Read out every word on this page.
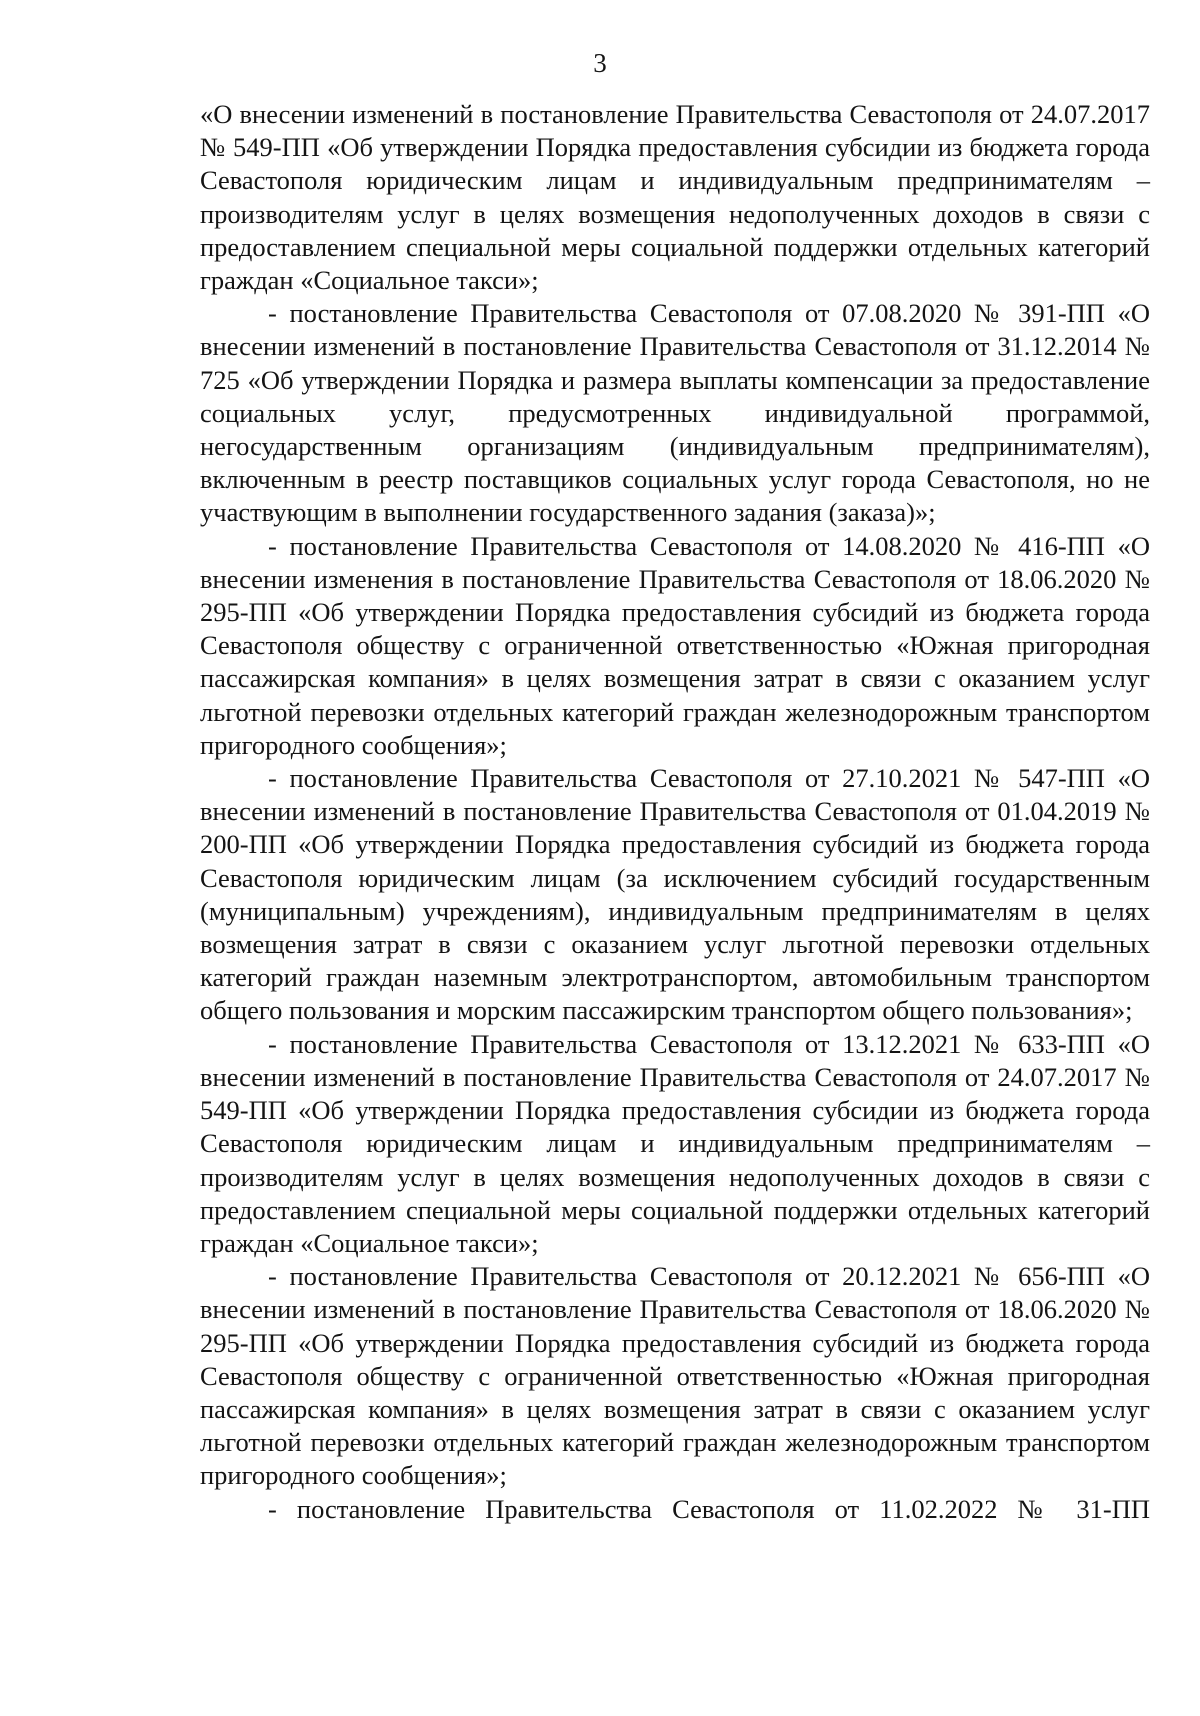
3

«О внесении изменений в постановление Правительства Севастополя от 24.07.2017 № 549-ПП «Об утверждении Порядка предоставления субсидии из бюджета города Севастополя юридическим лицам и индивидуальным предпринимателям – производителям услуг в целях возмещения недополученных доходов в связи с предоставлением специальной меры социальной поддержки отдельных категорий граждан «Социальное такси»;

- постановление Правительства Севастополя от 07.08.2020 № 391-ПП «О внесении изменений в постановление Правительства Севастополя от 31.12.2014 № 725 «Об утверждении Порядка и размера выплаты компенсации за предоставление социальных услуг, предусмотренных индивидуальной программой, негосударственным организациям (индивидуальным предпринимателям), включенным в реестр поставщиков социальных услуг города Севастополя, но не участвующим в выполнении государственного задания (заказа)»;

- постановление Правительства Севастополя от 14.08.2020 № 416-ПП «О внесении изменения в постановление Правительства Севастополя от 18.06.2020 № 295-ПП «Об утверждении Порядка предоставления субсидий из бюджета города Севастополя обществу с ограниченной ответственностью «Южная пригородная пассажирская компания» в целях возмещения затрат в связи с оказанием услуг льготной перевозки отдельных категорий граждан железнодорожным транспортом пригородного сообщения»;

- постановление Правительства Севастополя от 27.10.2021 № 547-ПП «О внесении изменений в постановление Правительства Севастополя от 01.04.2019 № 200-ПП «Об утверждении Порядка предоставления субсидий из бюджета города Севастополя юридическим лицам (за исключением субсидий государственным (муниципальным) учреждениям), индивидуальным предпринимателям в целях возмещения затрат в связи с оказанием услуг льготной перевозки отдельных категорий граждан наземным электротранспортом, автомобильным транспортом общего пользования и морским пассажирским транспортом общего пользования»;

- постановление Правительства Севастополя от 13.12.2021 № 633-ПП «О внесении изменений в постановление Правительства Севастополя от 24.07.2017 № 549-ПП «Об утверждении Порядка предоставления субсидии из бюджета города Севастополя юридическим лицам и индивидуальным предпринимателям – производителям услуг в целях возмещения недополученных доходов в связи с предоставлением специальной меры социальной поддержки отдельных категорий граждан «Социальное такси»;

- постановление Правительства Севастополя от 20.12.2021 № 656-ПП «О внесении изменений в постановление Правительства Севастополя от 18.06.2020 № 295-ПП «Об утверждении Порядка предоставления субсидий из бюджета города Севастополя обществу с ограниченной ответственностью «Южная пригородная пассажирская компания» в целях возмещения затрат в связи с оказанием услуг льготной перевозки отдельных категорий граждан железнодорожным транспортом пригородного сообщения»;

- постановление Правительства Севастополя от 11.02.2022 № 31-ПП
